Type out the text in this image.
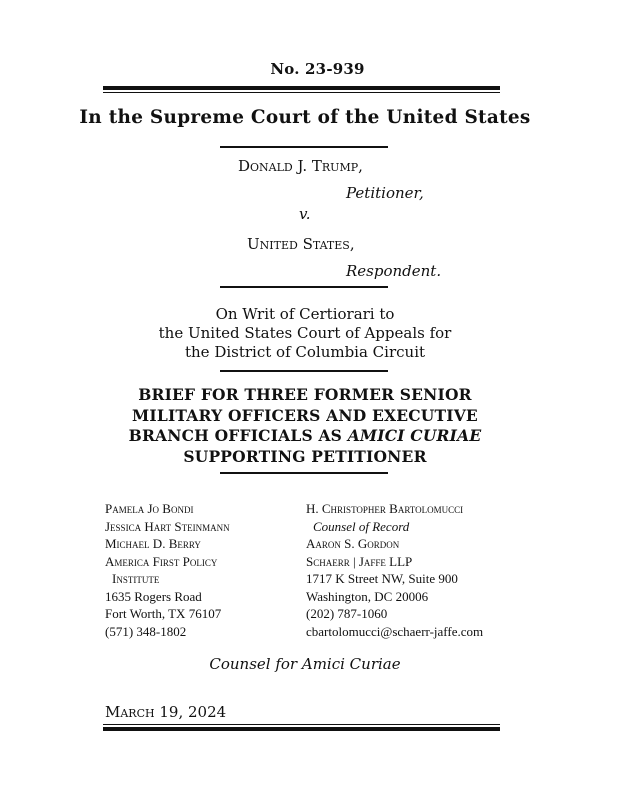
No. 23-939
In the Supreme Court of the United States
Donald J. Trump,
Petitioner,
v.
United States,
Respondent.
On Writ of Certiorari to
the United States Court of Appeals for
the District of Columbia Circuit
BRIEF FOR THREE FORMER SENIOR
MILITARY OFFICERS AND EXECUTIVE
BRANCH OFFICIALS AS AMICI CURIAE
SUPPORTING PETITIONER
Pamela Jo Bondi
Jessica Hart Steinmann
Michael D. Berry
America First Policy
Institute
1635 Rogers Road
Fort Worth, TX 76107
(571) 348-1802
H. Christopher Bartolomucci
Counsel of Record
Aaron S. Gordon
Schaerr | Jaffe LLP
1717 K Street NW, Suite 900
Washington, DC 20006
(202) 787-1060
cbartolomucci@schaerr-jaffe.com
Counsel for Amici Curiae
March 19, 2024
